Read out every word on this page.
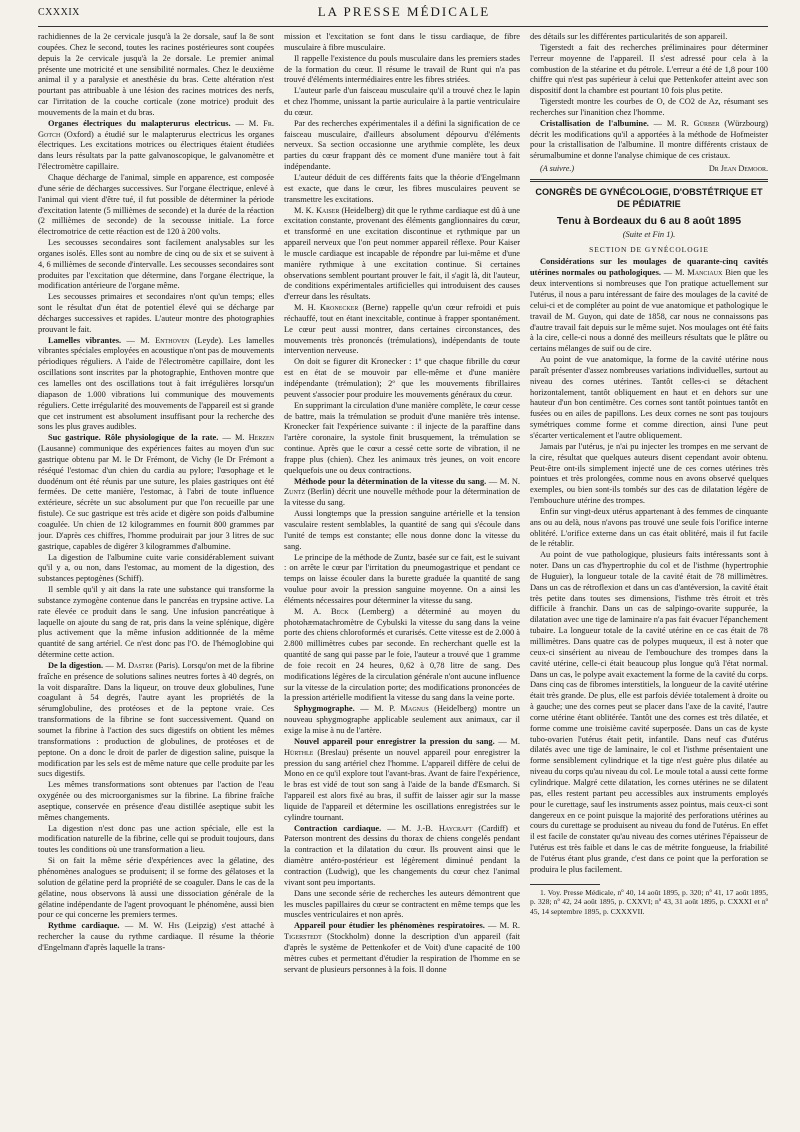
CXXXIX	LA PRESSE MÉDICALE

rachidiennes de la 2e cervicale jusqu'à la 2e dorsale, sauf la 8e sont coupées. Chez le second, toutes les racines postérieures sont coupées depuis la 2e cervicale jusqu'à la 2e dorsale. Le premier animal présente une motricité et une sensibilité normales. Chez le deuxième animal il y a paralysie et anesthésie du bras. Cette altération n'est pourtant pas attribuable à une lésion des racines motrices des nerfs, car l'irritation de la couche corticale (zone motrice) produit des mouvements de la main et du bras.

Organes électriques du malapterurus electricus. — M. Fr. Gotch (Oxford) a étudié sur le malapterurus electricus les organes électriques. Les excitations motrices ou électriques étaient étudiées dans leurs résultats par la patte galvanoscopique, le galvanomètre et l'électromètre capillaire.

Chaque décharge de l'animal, simple en apparence, est composée d'une série de décharges successives. Sur l'organe électrique, enlevé à l'animal qui vient d'être tué, il fut possible de déterminer la période d'excitation latente (5 millièmes de seconde) et la durée de la réaction (2 millièmes de seconde) de la secousse initiale. La force électromotrice de cette réaction est de 120 à 200 volts.

Les secousses secondaires sont facilement analysables sur les organes isolés. Elles sont au nombre de cinq ou de six et se suivent à 4, 6 millièmes de seconde d'intervalle. Les secousses secondaires sont produites par l'excitation que détermine, dans l'organe électrique, la modification antérieure de l'organe même.

Les secousses primaires et secondaires n'ont qu'un temps; elles sont le résultat d'un état de potentiel élevé qui se décharge par décharges successives et rapides. L'auteur montre des photographies prouvant le fait.

Lamelles vibrantes. — M. Enthoven (Leyde). Les lamelles vibrantes spéciales employées en acoustique n'ont pas de mouvements périodiques réguliers. A l'aide de l'électromètre capillaire, dont les oscillations sont inscrites par la photographie, Enthoven montre que ces lamelles ont des oscillations tout à fait irrégulières lorsqu'un diapason de 1.000 vibrations lui communique des mouvements réguliers. Cette irrégularité des mouvements de l'appareil est si grande que cet instrument est absolument insuffisant pour la recherche des sons les plus graves audibles.

Suc gastrique. Rôle physiologique de la rate. — M. Herzen (Lausanne) communique des expériences faites au moyen d'un suc gastrique obtenu par M. le Dr Frémont, de Vichy (le Dr Frémont a réséqué l'estomac d'un chien du cardia au pylore; l'œsophage et le duodénum ont été réunis par une suture, les plaies gastriques ont été fermées. De cette manière, l'estomac, à l'abri de toute influence extérieure, sécrète un suc absolument pur que l'on recueille par une fistule). Ce suc gastrique est très acide et digère son poids d'albumine coagulée. Un chien de 12 kilogrammes en fournit 800 grammes par jour. D'après ces chiffres, l'homme produirait par jour 3 litres de suc gastrique, capables de digérer 3 kilogrammes d'albumine.

La digestion de l'albumine cuite varie considérablement suivant qu'il y a, ou non, dans l'estomac, au moment de la digestion, des substances peptogènes (Schiff).

Il semble qu'il y ait dans la rate une substance qui transforme la substance zymogène contenue dans le pancréas en trypsine active. La rate élevée ce produit dans le sang. Une infusion pancréatique à laquelle on ajoute du sang de rat, pris dans la veine splénique, digère plus activement que la même infusion additionnée de la même quantité de sang artériel. Ce n'est donc pas l'O. de l'hémoglobine qui détermine cette action.

De la digestion. — M. Dastre (Paris). Lorsqu'on met de la fibrine fraîche en présence de solutions salines neutres fortes à 40 degrés, on la voit disparaître. Dans la liqueur, on trouve deux globulines, l'une coagulant à 54 degrés, l'autre ayant les propriétés de la sérumglobuline, des protéoses et de la peptone vraie. Ces transformations de la fibrine se font successivement. Quand on soumet la fibrine à l'action des sucs digestifs on obtient les mêmes transformations : production de globulines, de protéoses et de peptone. On a donc le droit de parler de digestion saline, puisque la modification par les sels est de même nature que celle produite par les sucs digestifs.

Les mêmes transformations sont obtenues par l'action de l'eau oxygénée ou des microorganismes sur la fibrine. La fibrine fraîche aseptique, conservée en présence d'eau distillée aseptique subit les mêmes changements.

La digestion n'est donc pas une action spéciale, elle est la modification naturelle de la fibrine, celle qui se produit toujours, dans toutes les conditions où une transformation a lieu.

Si on fait la même série d'expériences avec la gélatine, des phénomènes analogues se produisent; il se forme des gélatoses et la solution de gélatine perd la propriété de se coaguler. Dans le cas de la gélatine, nous observons là aussi une dissociation générale de la gélatine indépendante de l'agent provoquant le phénomène, aussi bien pour ce qui concerne les premiers termes.

Rythme cardiaque. — M. W. His (Leipzig) s'est attaché à rechercher la cause du rythme cardiaque. Il résume la théorie d'Engelmann d'après laquelle la trans-

mission et l'excitation se font dans le tissu cardiaque, de fibre musculaire à fibre musculaire.

Il rappelle l'existence du pouls musculaire dans les premiers stades de la formation du cœur. Il résume le travail de Runt qui n'a pas trouvé d'éléments intermédiaires entre les fibres striées.

L'auteur parle d'un faisceau musculaire qu'il a trouvé chez le lapin et chez l'homme, unissant la partie auriculaire à la partie ventriculaire du cœur.

Par des recherches expérimentales il a défini la signification de ce faisceau musculaire, d'ailleurs absolument dépourvu d'éléments nerveux. Sa section occasionne une arythmie complète, les deux parties du cœur frappant dès ce moment d'une manière tout à fait indépendante.

L'auteur déduit de ces différents faits que la théorie d'Engelmann est exacte, que dans le cœur, les fibres musculaires peuvent se transmettre les excitations.

M. K. Kaiser (Heidelberg) dit que le rythme cardiaque est dû à une excitation constante, provenant des éléments ganglionnaires du cœur, et transformé en une excitation discontinue et rythmique par un appareil nerveux que l'on peut nommer appareil réflexe. Pour Kaiser le muscle cardiaque est incapable de répondre par lui-même et d'une manière rythmique à une excitation continue. Si certaines observations semblent pourtant prouver le fait, il s'agit là, dit l'auteur, de conditions expérimentales artificielles qui introduisent des causes d'erreur dans les résultats.

M. H. Kronecker (Berne) rappelle qu'un cœur refroidi et puis réchauffé, tout en étant inexcitable, continue à frapper spontanément. Le cœur peut aussi montrer, dans certaines circonstances, des mouvements très prononcés (trémulations), indépendants de toute intervention nerveuse.

On doit se figurer dit Kronecker : 1º que chaque fibrille du cœur est en état de se mouvoir par elle-même et d'une manière indépendante (trémulation); 2º que les mouvements fibrillaires peuvent s'associer pour produire les mouvements généraux du cœur.

En supprimant la circulation d'une manière complète, le cœur cesse de battre, mais la trémulation se produit d'une manière très intense. Kronecker fait l'expérience suivante : il injecte de la paraffine dans l'artère coronaire, la systole finit brusquement, la trémulation se continue. Après que le cœur a cessé cette sorte de vibration, il ne frappe plus (chien). Chez les animaux très jeunes, on voit encore quelquefois une ou deux contractions.

Méthode pour la détermination de la vitesse du sang. — M. N. Zuntz (Berlin) décrit une nouvelle méthode pour la détermination de la vitesse du sang.

Aussi longtemps que la pression sanguine artérielle et la tension vasculaire restent semblables, la quantité de sang qui s'écoule dans l'unité de temps est constante; elle nous donne donc la vitesse du sang.

Le principe de la méthode de Zuntz, basée sur ce fait, est le suivant : on arrête le cœur par l'irritation du pneumogastrique et pendant ce temps on laisse écouler dans la burette graduée la quantité de sang voulue pour avoir la pression sanguine moyenne. On a ainsi les éléments nécessaires pour déterminer la vitesse du sang.

M. A. Beck (Lemberg) a déterminé au moyen du photohæmatachromètre de Cybulski la vitesse du sang dans la veine porte des chiens chloroformés et curarisés. Cette vitesse est de 2.000 à 2.800 millimètres cubes par seconde. En recherchant quelle est la quantité de sang qui passe par le foie, l'auteur a trouvé que 1 gramme de foie recoit en 24 heures, 0,62 à 0,78 litre de sang. Des modifications légères de la circulation générale n'ont aucune influence sur la vitesse de la circulation porte; des modifications prononcées de la pression artérielle modifient la vitesse du sang dans la veine porte.

Sphygmographe. — M. P. Magnus (Heidelberg) montre un nouveau sphygmographe applicable seulement aux animaux, car il exige la mise à nu de l'artère.

Nouvel appareil pour enregistrer la pression du sang. — M. Hürthle (Breslau) présente un nouvel appareil pour enregistrer la pression du sang artériel chez l'homme. L'appareil diffère de celui de Mono en ce qu'il explore tout l'avant-bras. Avant de faire l'expérience, le bras est vidé de tout son sang à l'aide de la bande d'Esmarch. Si l'appareil est alors fixé au bras, il suffit de laisser agir sur la masse liquide de l'appareil et détermine les oscillations enregistrées sur le cylindre tournant.

Contraction cardiaque. — M. J.-B. Haycraft (Cardiff) et Paterson montrent des dessins du thorax de chiens congelés pendant la contraction et la dilatation du cœur. Ils prouvent ainsi que le diamètre antéro-postérieur est légèrement diminué pendant la contraction (Ludwig), que les changements du cœur chez l'animal vivant sont peu importants.

Dans une seconde série de recherches les auteurs démontrent que les muscles papillaires du cœur se contractent en même temps que les muscles ventriculaires et non après.

Appareil pour étudier les phénomènes respiratoires. — M. R. Tigerstedt (Stockholm) donne la description d'un appareil (fait d'après le système de Pettenkofer et de Voit) d'une capacité de 100 mètres cubes et permettant d'étudier la respiration de l'homme en se servant de plusieurs personnes à la fois. Il donne

des détails sur les différentes particularités de son appareil.

Tigerstedt a fait des recherches préliminaires pour déterminer l'erreur moyenne de l'appareil. Il s'est adressé pour cela à la combustion de la stéarine et du pétrole. L'erreur a été de 1,8 pour 100 chiffre qui n'est pas supérieur à celui que Pettenkofer atteint avec son dispositif dont la chambre est pourtant 10 fois plus petite.

Tigerstedt montre les courbes de O, de CO2 de Az, résumant ses recherches sur l'inanition chez l'homme.

Cristallisation de l'albumine. — M. R. Gürber (Würzbourg) décrit les modifications qu'il a apportées à la méthode de Hofmeister pour la cristallisation de l'albumine. Il montre différents cristaux de sérumalbumine et donne l'analyse chimique de ces cristaux.

(A suivre.)	Dr Jean Demoor.
CONGRÈS DE GYNÉCOLOGIE, D'OBSTÉTRIQUE ET DE PÉDIATRIE
Tenu à Bordeaux du 6 au 8 août 1895
(Suite et Fin 1).
SECTION DE GYNÉCOLOGIE

Considérations sur les moulages de quarante-cinq cavités utérines normales ou pathologiques. — M. Manciaux Bien que les deux interventions si nombreuses que l'on pratique actuellement sur l'utérus, il nous a paru intéressant de faire des moulages de la cavité de celui-ci et de compléter au point de vue anatomique et pathologique le travail de M. Guyon, qui date de 1858, car nous ne connaissons pas d'autre travail fait depuis sur le même sujet. Nos moulages ont été faits à la cire, celle-ci nous a donné des meilleurs résultats que le plâtre ou certains mélanges de suif ou de cire.

Au point de vue anatomique, la forme de la cavité utérine nous paraît présenter d'assez nombreuses variations individuelles, surtout au niveau des cornes utérines. Tantôt celles-ci se détachent horizontalement, tantôt obliquement en haut et en dehors sur une hauteur d'un bon centimètre. Ces cornes sont tantôt pointues tantôt en fusées ou en ailes de papillons. Les deux cornes ne sont pas toujours symétriques comme forme et comme direction, ainsi l'une peut s'écarter verticalement et l'autre obliquement.

Jamais par l'utérus, je n'ai pu injecter les trompes en me servant de la cire, résultat que quelques auteurs disent cependant avoir obtenu. Peut-être ont-ils simplement injecté une de ces cornes utérines très pointues et très prolongées, comme nous en avons observé quelques exemples, ou bien sont-ils tombés sur des cas de dilatation légère de l'embouchure utérine des trompes.

Enfin sur vingt-deux utérus appartenant à des femmes de cinquante ans ou au delà, nous n'avons pas trouvé une seule fois l'orifice interne oblitéré. L'orifice externe dans un cas était oblitéré, mais il fut facile de le rétablir.

Au point de vue pathologique, plusieurs faits intéressants sont à noter. Dans un cas d'hypertrophie du col et de l'isthme (hypertrophie de Huguier), la longueur totale de la cavité était de 78 millimètres. Dans un cas de rétroflexion et dans un cas d'antéversion, la cavité était très petite dans toutes ses dimensions, l'isthme très étroit et très difficile à franchir. Dans un cas de salpingo-ovarite suppurée, la dilatation avec une tige de laminaire n'a pas fait évacuer l'épanchement tubaire. La longueur totale de la cavité utérine en ce cas était de 78 millimètres. Dans quatre cas de polypes muqueux, il est à noter que ceux-ci sinsérient au niveau de l'embouchure des trompes dans la cavité utérine, celle-ci était beaucoup plus longue qu'à l'état normal. Dans un cas, le polype avait exactement la forme de la cavité du corps. Dans cinq cas de fibromes interstitiels, la longueur de la cavité utérine était très grande. De plus, elle est parfois déviée totalement à droite ou à gauche; une des cornes peut se placer dans l'axe de la cavité, l'autre corne utérine étant oblitérée. Tantôt une des cornes est très dilatée, et forme comme une troisième cavité superposée. Dans un cas de kyste tubo-ovarien l'utérus était petit, infantile. Dans neuf cas d'utérus dilatés avec une tige de laminaire, le col et l'isthme présentaient une forme sensiblement cylindrique et la tige n'est guère plus dilatée au niveau du corps qu'au niveau du col. Le moule total a aussi cette forme cylindrique. Malgré cette dilatation, les cornes utérines ne se dilatent pas, elles restent partant peu accessibles aux instruments employés pour le curettage, sauf les instruments assez pointus, mais ceux-ci sont dangereux en ce point puisque la majorité des perforations utérines au cours du curettage se produisent au niveau du fond de l'utérus. En effet il est facile de constater qu'au niveau des cornes utérines l'épaisseur de l'utérus est très faible et dans le cas de métrite fongueuse, la friabilité de l'utérus étant plus grande, c'est dans ce point que la perforation se produira le plus facilement.

1. Voy. Presse Médicale, nº 40, 14 août 1895, p. 320; nº 41, 17 août 1895, p. 328; nº 42, 24 août 1895, p. CXXVI; nº 43, 31 août 1895, p. CXXXI et nº 45, 14 septembre 1895, p. CXXXVII.
